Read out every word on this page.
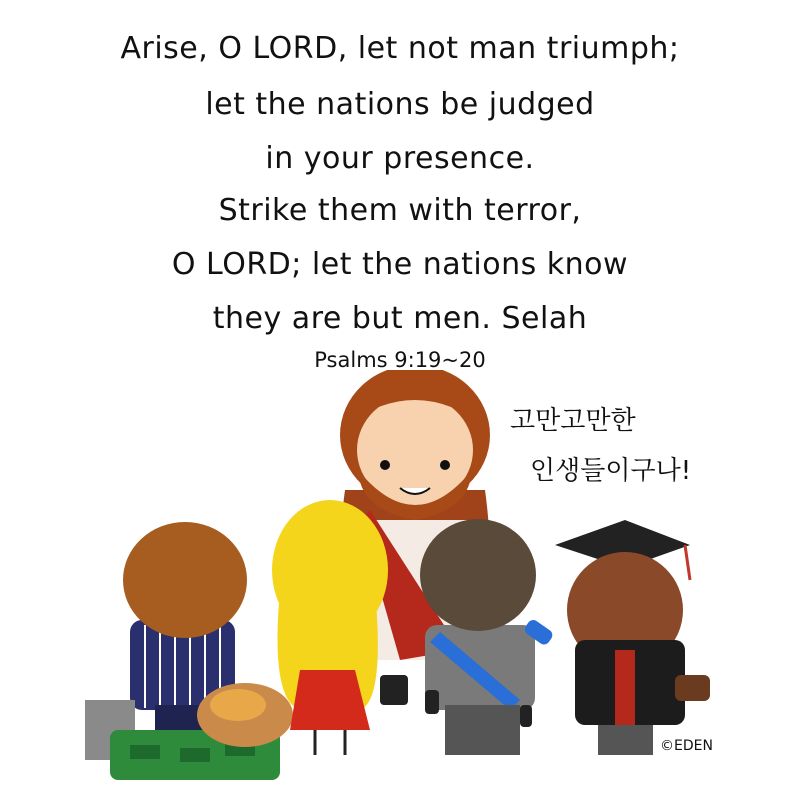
Arise, O LORD, let not man triumph;
let the nations be judged
in your presence.
Strike them with terror,
O LORD; let the nations know
they are but men. Selah
Psalms 9:19~20
고만고만한
인생들이구나!
©EDEN
